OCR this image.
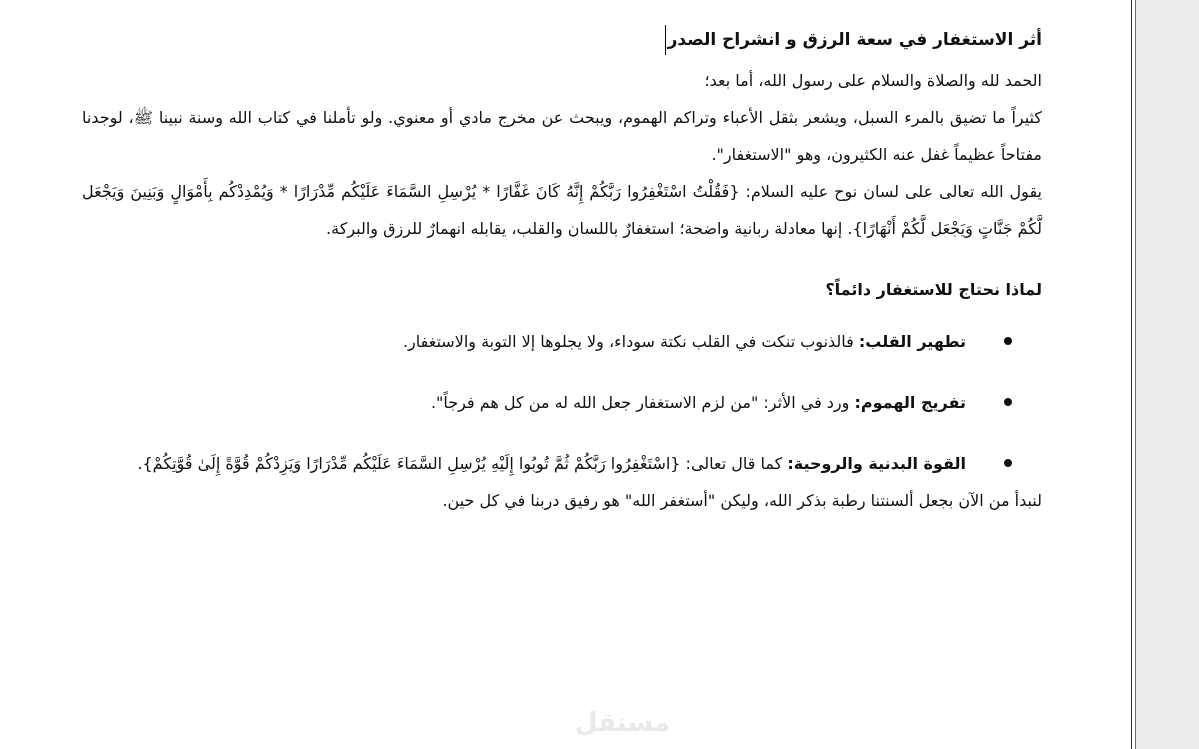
أثر الاستغفار في سعة الرزق و انشراح الصدر

الحمد لله والصلاة والسلام على رسول الله، أما بعد؛

كثيراً ما تضيق بالمرء السبل، ويشعر بثقل الأعباء وتراكم الهموم، ويبحث عن مخرج مادي أو معنوي. ولو تأملنا في كتاب الله وسنة نبينا ﷺ، لوجدنا مفتاحاً عظيماً غفل عنه الكثيرون، وهو "الاستغفار".

يقول الله تعالى على لسان نوح عليه السلام: {فَقُلْتُ اسْتَغْفِرُوا رَبَّكُمْ إِنَّهُ كَانَ غَفَّارًا * يُرْسِلِ السَّمَاءَ عَلَيْكُم مِّدْرَارًا * وَيُمْدِدْكُم بِأَمْوَالٍ وَبَنِينَ وَيَجْعَل لَّكُمْ جَنَّاتٍ وَيَجْعَل لَّكُمْ أَنْهَارًا}. إنها معادلة ربانية واضحة؛ استغفارٌ باللسان والقلب، يقابله انهمارٌ للرزق والبركة.

لماذا نحتاج للاستغفار دائماً؟
تطهير القلب: فالذنوب تنكت في القلب نكتة سوداء، ولا يجلوها إلا التوبة والاستغفار.
تفريج الهموم: ورد في الأثر: "من لزم الاستغفار جعل الله له من كل هم فرجاً".
القوة البدنية والروحية: كما قال تعالى: {اسْتَغْفِرُوا رَبَّكُمْ ثُمَّ تُوبُوا إِلَيْهِ يُرْسِلِ السَّمَاءَ عَلَيْكُم مِّدْرَارًا وَيَزِدْكُمْ قُوَّةً إِلَىٰ قُوَّتِكُمْ}.

لنبدأ من الآن بجعل ألسنتنا رطبة بذكر الله، وليكن "أستغفر الله" هو رفيق دربنا في كل حين.

مستقل
